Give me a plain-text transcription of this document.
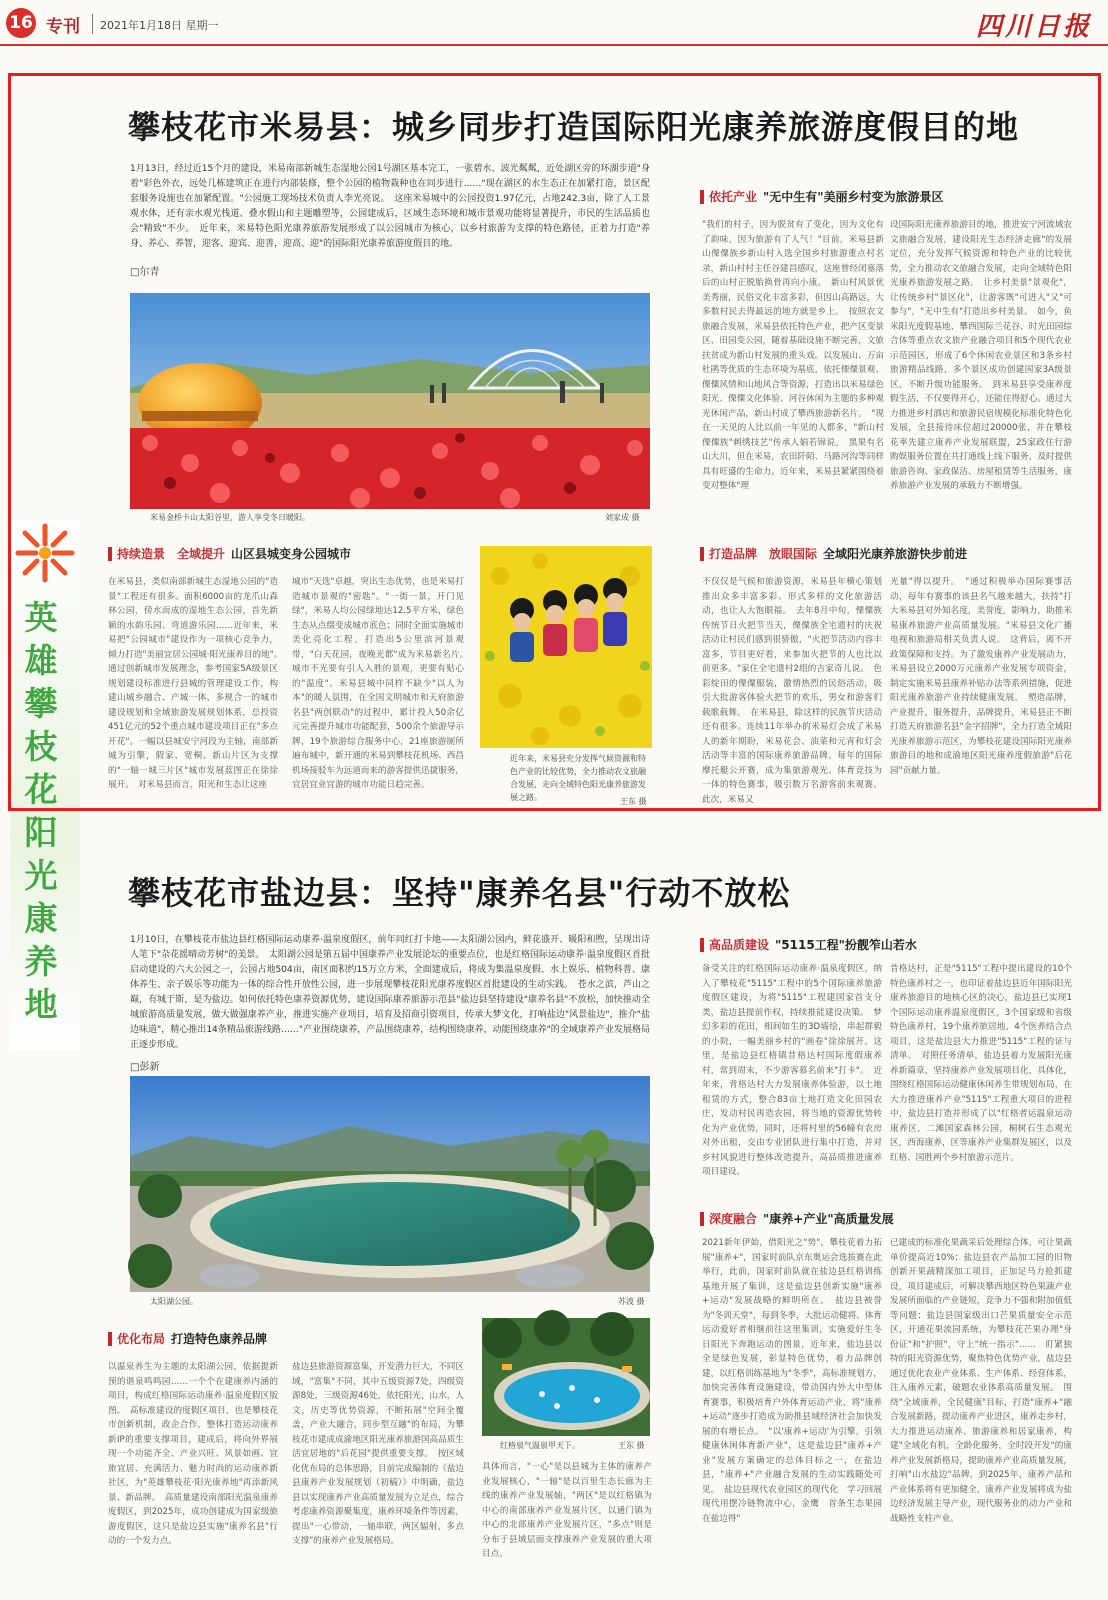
16 专刊 2021年1月18日 星期一	四川日报
英
雄
攀
枝
花
阳
光
康
养
地
攀枝花市米易县：城乡同步打造国际阳光康养旅游度假目的地
1月13日，经过近15个月的建设，米易南部新城生态湿地公园1号湖区基本完工，一张碧水、波光粼粼，近处湖区旁的环湖步道"身着"彩色外衣，远处几栋建筑正在进行内部装修，整个公园的植物栽种也在同步进行……"现在湖区的水生态正在加紧打造，景区配套服务设施也在加紧配置。"公园施工现场技术负责人李光亮说。　这座米易城中的公园投资1.97亿元，占地242.3亩，除了人工景观水体，还有亲水观光栈道、叠水假山和主题雕塑等，公园建成后，区域生态环境和城市景观功能将显著提升，市民的生活品质也会"精致"不少。　近年来，米易特色阳光康养旅游发展形成了以公园城市为核心，以乡村旅游为支撑的特色路径，正着力打造"养身、养心、养智，迎客、迎宾、迎善，迎高、迎"的国际阳光康养旅游度假目的地。
□尔青
米易金桥卡山太阳谷里，游人享受冬日暖阳。	刘家成 摄
依托产业 "无中生有"美丽乡村变为旅游景区
"我们的村子，因为脱贫有了变化，因为文化有了韵味，因为旅游有了人气！"目前，米易县新山傈僳族乡新山村入选全国乡村旅游重点村名录，新山村村主任谷建昌感叹，这座曾经闭塞落后的山村正脱胎换骨再向小康。　新山村风景优美秀丽，民俗文化丰富多彩，但因山高路远，大多数村民去得最远的地方就是乡上。　按照农文旅融合发展，米易县依托特色产业，把产区变景区、田园变公园，随着基础设施不断完善，文旅扶贫成为新山村发展的重头戏。以发展山、万亩杜鹃等优质的生态环境为基底，依托傈僳景观、傈僳风情和山地风合等资源，打造出以米易绿色阳光、傈僳文化体验、河谷休闲为主题的多种观光休闲产品，新山村成了攀西旅游新名片。　"现在一天见的人比以前一年见的人都多，"新山村傈僳族"刺绣技艺"传承人娟若锦说。　黑果有名山大川，但在米易，农田阡陌、马路河沟等同样具有旺盛的生命力。近年来，米易县紧紧围绕着变对整体"理
设国际阳光康养旅游目的地，推进安宁河流域农文旅融合发展，建设阳光生态经济走廊"的发展定位，充分发挥气候资源和特色产业的比较优势，全力推动农文旅融合发展，走向全域特色阳光康养旅游发展之路。　让乡村美景"景观化"，让传统乡村"景区化"，让游客既"可进入"又"可参与"，"无中生有"打造出乡村美景。　如今，鱼米阳光度假基地、攀西国际兰花谷、时光田园综合体等重点农文旅产业融合项目和5个现代农业示范园区，形成了6个休闲农业景区和3条乡村旅游精品线路，多个景区成功创建国家3A级景区，不断升级功能服务。　到米易县享受康养度假生活，不仅要得开心，还能住得舒心。通过大力推进乡村酒店和旅游民宿规模化标准化特色化发展，全县接待床位超过20000张，并在攀枝花率先建立康养产业发展联盟，25家政住行游购娱服务位置在共打通线上线下服务，及时提供旅游咨询、家政保洁、房屋租赁等生活服务，康养旅游产业发展的承载力不断增强。
持续造景　全域提升 山区县城变身公园城市
在米易县，类似南部新城生态湿地公园的"造景"工程还有很多。面积6000亩的龙爪山森林公园，傍水而成的湿地生态公园，首先新颖的水韵乐园、弯道游乐园……近年来，米易把"公园城市"建设作为一项核心竞争力，倾力打造"美丽宜居公园城·阳光康养目的地"。　通过创新城市发展理念，参考国家5A级景区规划建设标准进行县城的管理建设工作，构建山城乡融合、产城一体、多规合一的城市建设规划和全域旅游发展规划体系，总投资451亿元的52个重点城市建设项目正在"多点开花"。一幅以县城安宁河段为主轴，南部新城为引擎，假家、宽桐、新山片区为支撑的"一轴一城三片区"城市发展蓝图正在徐徐展开。　对米易县而言，阳光和生态让这座
城市"天选"卓越，突出生态优势，也是米易打造城市景观的"密匙"。"一街一景，开门见绿"，米易人均公园绿地达12.5平方米，绿色生态从点缀变成城市底色；同时全面实施城市美化亮化工程，打造出5公里滨河景观带，"白天花园，夜晚光都"成为米易新名片。　城市不光要有引人入胜的景观，更要有贴心的"温度"。米易县城中同样不缺少"以人为本"的暖人氛围，在全国文明城市和天府旅游名县"两创联动"的过程中，累计投入50余亿元完善提升城市功能配套，500余个旅游导示牌，19个旅游综合服务中心，21座旅游厕所遍布城中，新开通的米易到攀枝花机场、西昌机场接驳车为远道而来的游客提供迅捷服务，宜居宜业宜游的城市功能日趋完善。
近年来，米易县充分发挥气候资源和特色产业的比较优势，全力推动农文旅融合发展，走向全域特色阳光康养旅游发展之路。	王东 摄
打造品牌　放眼国际 全域阳光康养旅游快步前进
不仅仅是气候和旅游资源，米易县年横心策划推出众多丰富多彩、形式多样的文化旅游活动，也让人大饱眼福。　去年8月中旬，傈僳族传统节日火把节当天，傈僳族全宅遗村的庆祝活动让村民们感到很骄傲，"火把节活动内容丰富多，节目更好看，来参加火把节的人也比以前更多。"家住全宅遗村2组的吉家奇儿说。　色彩绽田的傈僳服装，激情热烈的民俗活动，吸引大批游客体验火把节的欢乐，男女和游客们载歌载舞。　在米易县，除这样的民族节庆活动还有很多。连续11年举办的米易灯会成了米易人的新年期盼，米易花会、油菜和元宵和灯会活动等丰富的国际康养旅游品牌。每年的国际摩托艇公开赛，成为集旅游观光、体育竞技为一体的特色赛事，吸引数万名游客前来观赛。此次，米易又
光量"得以提升。　"通过积极举办国际赛事活动，每年有赛事的该县名气越来越大，扶持"打大米易县对外知名度，美誉度，影响力，助推米易康养旅游产业高质量发展。"米易县文化广播电视和旅游局相关负责人说。　这背后，离不开政策保障和支持。为了激发康养产业发展动力，米易县设立2000万元康养产业发展专项资金，制定实施米易县康养补贴办法等系列措施，促进阳光康养旅游产业持续健康发展。　塑造品牌，产业提升，服务提升，品牌提升，米易县正不断打造天府旅游名县"金字招牌"，全力打造全域阳光康养旅游示范区，为攀枝花建设国际阳光康养旅游目的地和成渝地区阳光康养度假旅游"后花园"贡献力量。
攀枝花市盐边县：坚持"康养名县"行动不放松
1月10日，在攀枝花市盐边县红格国际运动康养·温泉度假区，前年同红打卡地——太阳湖公园内，鲜花盛开、暖阳和煦，呈现出诗人笔下"杂花摇晴动芳树"的美景。　太阳湖公园是第五届中国康养产业发展论坛的重要点位，也是红格国际运动康养·温泉度假区首批启动建设的六大公园之一，公园占地504亩，南区面积约15万立方米，全面建成后，将成为集温泉度假、水上娱乐、植物科普、康体养生、亲子娱乐等功能为一体的综合性开放性公园，进一步展现攀枝花阳光康养度假区首批建设的生动实践。　苍水之滨，芦山之巅，有城于斯，是为盐边。如何依托特色康养资源优势，建设国际康养旅游示范县"盐边县坚持建设"康养名县"不放松，加快推动全城旅游高质量发展，做大做强康养产业，推进实施产业项目，培育及招商引资项目，传承大梦文化，打响盐边"风景盐边"，推介"盐边味道"，精心推出14条精品旅游线路……"产业围绕康养，产品围绕康养，结构围绕康养，动能围绕康养"的全域康养产业发展格局正逐步形成。
□彭新
太阳湖公园。	苏波 摄
高品质建设 "5115工程"扮靓笮山若水
备受关注的红格国际运动康养·温泉度假区，纳入了攀枝花"5115"工程中的5个国际康养旅游度假区建设，为将"5115"工程建国家首支分类，盐边县提前作权，持续推能建设决策。　梦幻多彩的花田，相间如生的3D墙绘，串起群毅的小院，一幅美丽乡村的"画卷"徐徐展开。这里，是盐边县红格镇昔格达村国际度假康养村，常到周末，不少游客慕名前来"打卡"。　近年来，背格达村大力发展康养体验游，以土地租赁的方式，整合83亩土地打造文化田园农庄，发动村民再造农园，将当地的资源优势转化为产业优势，同时，还将村里的56幢有农房对外出租，交由专业团队进行集中打造，并对乡村风貌进行整体改造提升，高品质推进康养项目建设。
昔格达村，正是"5115"工程中提出建设的10个特色康养村之一，也印证着盐边县近年国际阳光康养旅游目的地核心区的决心，盐边县已实现1个国际运动康养温泉度假区，3个国家级和省级特色康养村，19个康养旅居地，4个医养结合点项目，这是盐边县大力推进"5115"工程的证与清单。　对照任务清单，盐边县着力发展阳光康养新篇章，坚持康养产业发展项目化，具体化，围绕红格国际运动健康休闲养生带规划布局，在大力推进康养产业"5115"工程重大项目的进程中，盐边县打造并形成了以"红格者运温泉运动康养区，二滩国家森林公园，桐树石生态观光区，西海康养，区等康养产业集群发展区，以及红格、国胜两个乡村旅游示范片。
深度融合 "康养+产业"高质量发展
2021新年伊始，借阳光之"势"，攀枝花着力拓展"康养+"，国家时前队京东奥运会选拔赛在此举行，此前，国家时前队就在盐边县红格训练基地开展了集训，这是盐边县创新实施"康养+运动"发展战略的鲜明所在。　盐边县被誉为"冬训天堂"，每到冬季，大批运动健将、体育运动爱好者相继前往这里集训，实施爱好生冬日阳光下奔跑运动的图景，近年来，盐边县以全是绿色发展，彰显特色优势，着力品牌创建，以红格训练基地为"冬季"，高标准规划方，加快完善体育设施建设，带动国内外大中型体育赛事，积极培育户外体育运动产业，将"康养+运动"逐步打造成为助推县域经济社会加快发展的有增长点。　"以'康养+运动'为引擎，引领健康休闲体育新产业"，这是盐边县"康养+产业"发展方案确定的总体目标之一，在盐边县，"康养+"产业融合发展的生动实践随处可见。　盐边县现代农业园区的现代化　学习回展现代用摆冷链物流中心，金鹰　首条生态果园在盐边得"
已建成的标准化果蔬采后处理综合体，可让果蔬单价提高近10%；盐边县农产品加工园的旧物创新开果蔬精深加工项目，正加足马力抢抓建设，项目建成后，可解决攀西地区特色果蔬产业发展所面临的产业链短，竞争力不强和附加值低等问题；盐边县国家级出口芒果质量安全示范区，开通花果流园系统，为攀枝花芒果办理"身份证"和"护照"，守上"统一指示"……　盯紧独特的阳光资源优势，聚焦特色优势产业，盐边县通过优化农业产业体系、生产体系、经营体系，注入康养元素，破题农业体系高质量发展。　围绕"全域康养，全民健康"目标，打造"康养+"融合发展新路，提动康养产业进区，康养走乡村，大力推进运动康养、旅游康养和居家康养，构建"全域化有机，全龄化服务，全时段开发"的康养产业发展新格局，提助康养产业高质量发展，打响"山水盐边"品牌，到2025年，康养产品和产业体系将有更加健全，康养产业发展将成为盐边经济发展主导产业，现代服务业的动力产业和战略性支柱产业。
优化布局 打造特色康养品牌
以温泉养生为主题的太阳湖公园，依据提新预的谐泉鸣鸣园……一个个在建康养内涵的项目，构成红格国际运动康养·温泉度假区版图。　高标准建设的度假区项目，也是攀枝花市创新机制，政企合作，整体打造运动康养新IP的重要支撑项目，建成后，将向外界展现一个功能齐全、产业兴旺、风景如画、宜旅宜居、充满活力、魅力时尚的运动康养新社区，为"英雄攀枝花·阳光康养地"再添新风景、新品牌。　高质量建设南部阳光温泉康养度假区，到2025年，成功创建成为国家级旅游度假区，这只是盐边县实施"康养名县"行动的一个发力点。
盐边县旅游资源富集，开发潜力巨大，不同区域，"富集"不同，其中五级资源7处，四级资源8处，三级资源46处，依托阳光，山水，人文，历史等优势资源，不断拓展"空间全覆盖，产业大融合，同步型互融"的布局，为攀枝花市建成成渝地区阳光康养旅游国高品质生活宜居地的"后花园"提供重要支撑。　按区域化优布局的总体思路，目前完成编制的《盐边县康养产业发展规划（初稿）》中明确，盐边县以实现康养产业高质量发展为立足点，综合考虑康养资源聚集度，康养环境条件等因素，提出"一心带动，一轴串联，两区辐射，多点支撑"的康养产业发展格局。
红格泉气温泉甲天下。	王东 摄
具体而言，"一心"是以县城为主体的康养产业发展核心，"一轴"是以百里生态长廊为主线的康养产业发展轴，"两区"是以红格镇为中心的南部康养产业发展片区，以通门镇为中心的北部康养产业发展片区，"多点"则是分布于县域层面支撑康养产业发展的重大项目点。
